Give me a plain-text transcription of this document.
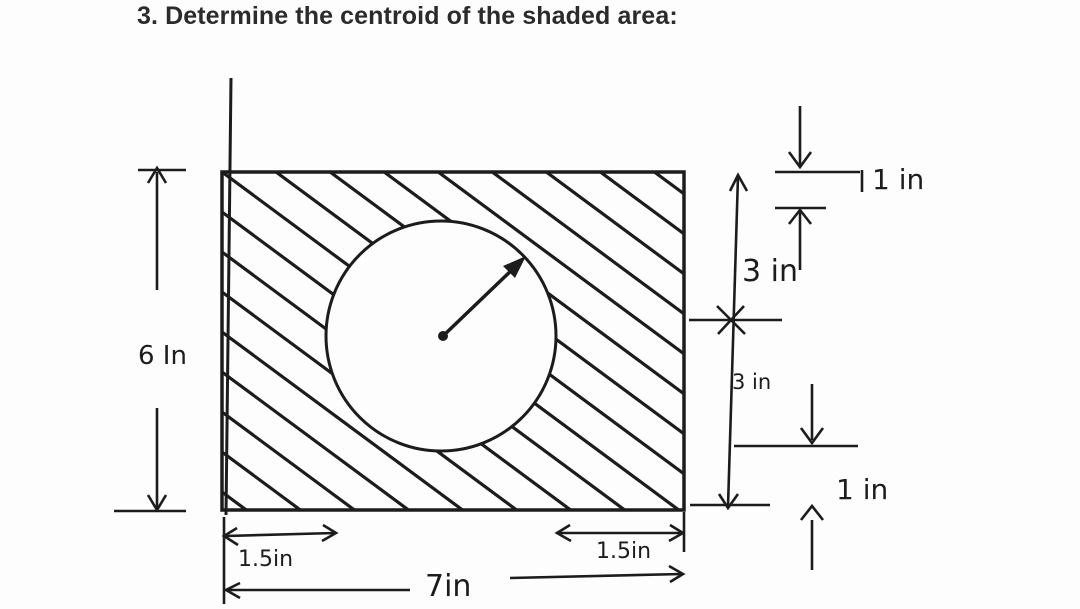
3. Determine the centroid of the shaded area:
6 In
3 in
3 in
1 in
1 in
1.5in	1.5in
7in
